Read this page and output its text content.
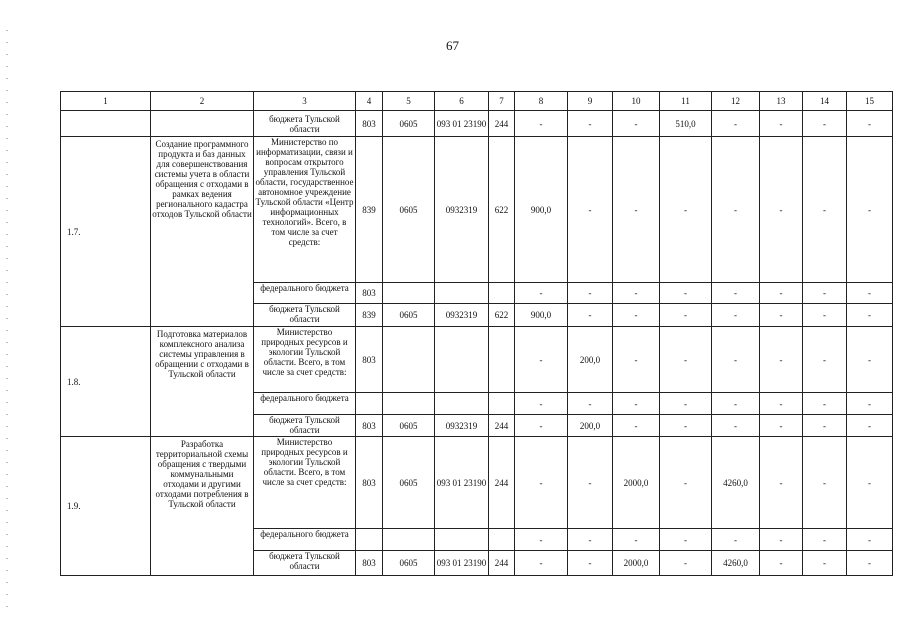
67
1	2	3	4	5	6	7	8	9	10	11	12	13	14	15
		бюджета Тульской области	803	0605	093 01 23190	244	-	-	-	510,0	-	-	-	-
1.7.	Создание программного продукта и баз данных для совершенствования системы учета в области обращения с отходами в рамках ведения регионального кадастра отходов Тульской области	Министерство по информатизации, связи и вопросам открытого управления Тульской области, государственное автономное учреждение Тульской области «Центр информационных технологий». Всего, в том числе за счет средств:	839	0605	0932319	622	900,0	-	-	-	-	-	-	-
		федерального бюджета	803				-	-	-	-	-	-	-	-
		бюджета Тульской области	839	0605	0932319	622	900,0	-	-	-	-	-	-	-
1.8.	Подготовка материалов комплексного анализа системы управления в обращении с отходами в Тульской области	Министерство природных ресурсов и экологии Тульской области. Всего, в том числе за счет средств:	803				-	200,0	-	-	-	-	-	-
		федерального бюджета					-	-	-	-	-	-	-	-
		бюджета Тульской области	803	0605	0932319	244	-	200,0	-	-	-	-	-	-
1.9.	Разработка территориальной схемы обращения с твердыми коммунальными отходами и другими отходами потребления в Тульской области	Министерство природных ресурсов и экологии Тульской области. Всего, в том числе за счет средств:	803	0605	093 01 23190	244	-	-	2000,0	-	4260,0	-	-	-
		федерального бюджета					-	-	-	-	-	-	-	-
		бюджета Тульской области	803	0605	093 01 23190	244	-	-	2000,0	-	4260,0	-	-	-
